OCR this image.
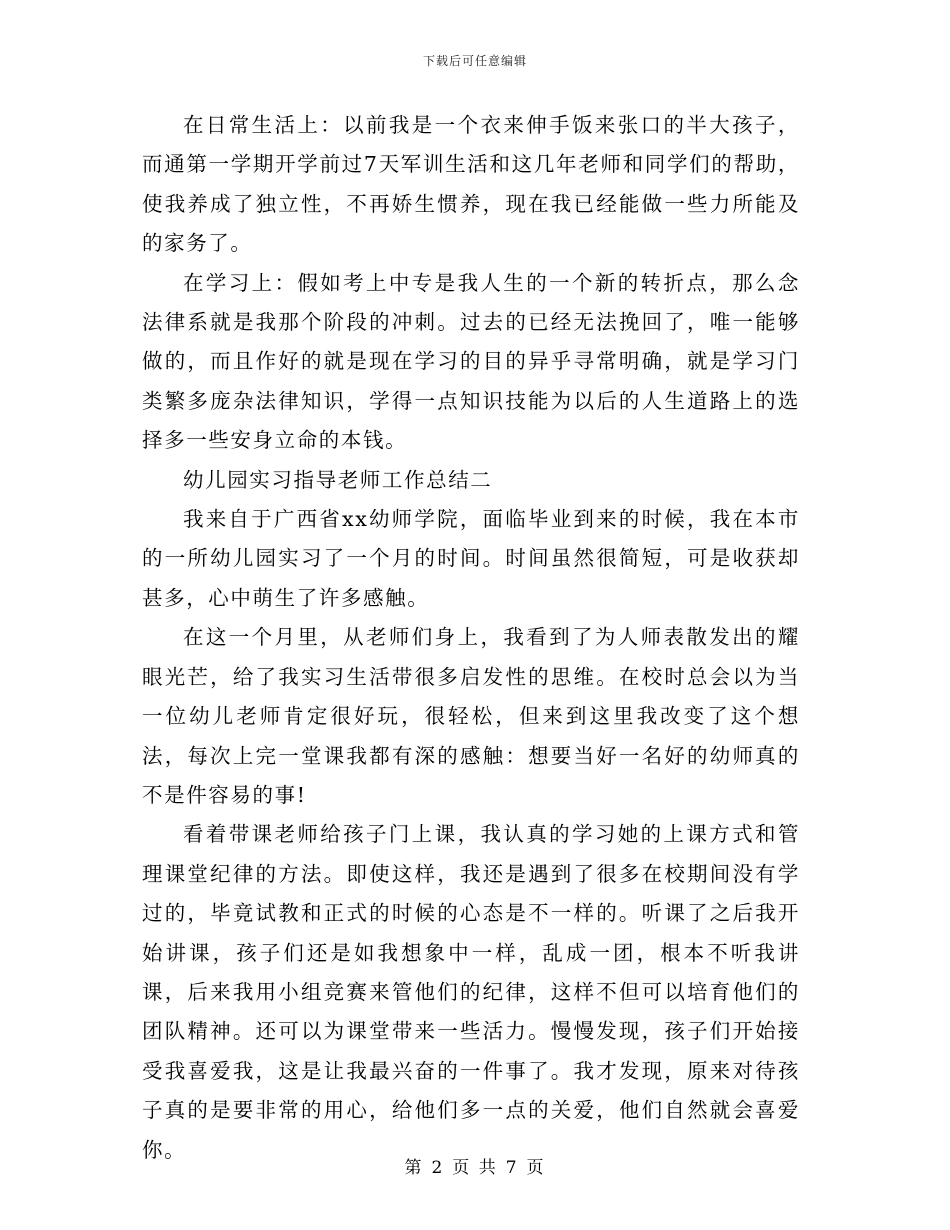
下载后可任意编辑

在日常生活上：以前我是一个衣来伸手饭来张口的半大孩子，而通第一学期开学前过7天军训生活和这几年老师和同学们的帮助，使我养成了独立性，不再娇生惯养，现在我已经能做一些力所能及的家务了。

在学习上：假如考上中专是我人生的一个新的转折点，那么念法律系就是我那个阶段的冲刺。过去的已经无法挽回了，唯一能够做的，而且作好的就是现在学习的目的异乎寻常明确，就是学习门类繁多庞杂法律知识，学得一点知识技能为以后的人生道路上的选择多一些安身立命的本钱。

幼儿园实习指导老师工作总结二

我来自于广西省xx幼师学院，面临毕业到来的时候，我在本市的一所幼儿园实习了一个月的时间。时间虽然很简短，可是收获却甚多，心中萌生了许多感触。

在这一个月里，从老师们身上，我看到了为人师表散发出的耀眼光芒，给了我实习生活带很多启发性的思维。在校时总会以为当一位幼儿老师肯定很好玩，很轻松，但来到这里我改变了这个想法，每次上完一堂课我都有深的感触：想要当好一名好的幼师真的不是件容易的事!

看着带课老师给孩子门上课，我认真的学习她的上课方式和管理课堂纪律的方法。即使这样，我还是遇到了很多在校期间没有学过的，毕竟试教和正式的时候的心态是不一样的。听课了之后我开始讲课，孩子们还是如我想象中一样，乱成一团，根本不听我讲课，后来我用小组竞赛来管他们的纪律，这样不但可以培育他们的团队精神。还可以为课堂带来一些活力。慢慢发现，孩子们开始接受我喜爱我，这是让我最兴奋的一件事了。我才发现，原来对待孩子真的是要非常的用心，给他们多一点的关爱，他们自然就会喜爱你。

第 2 页 共 7 页
